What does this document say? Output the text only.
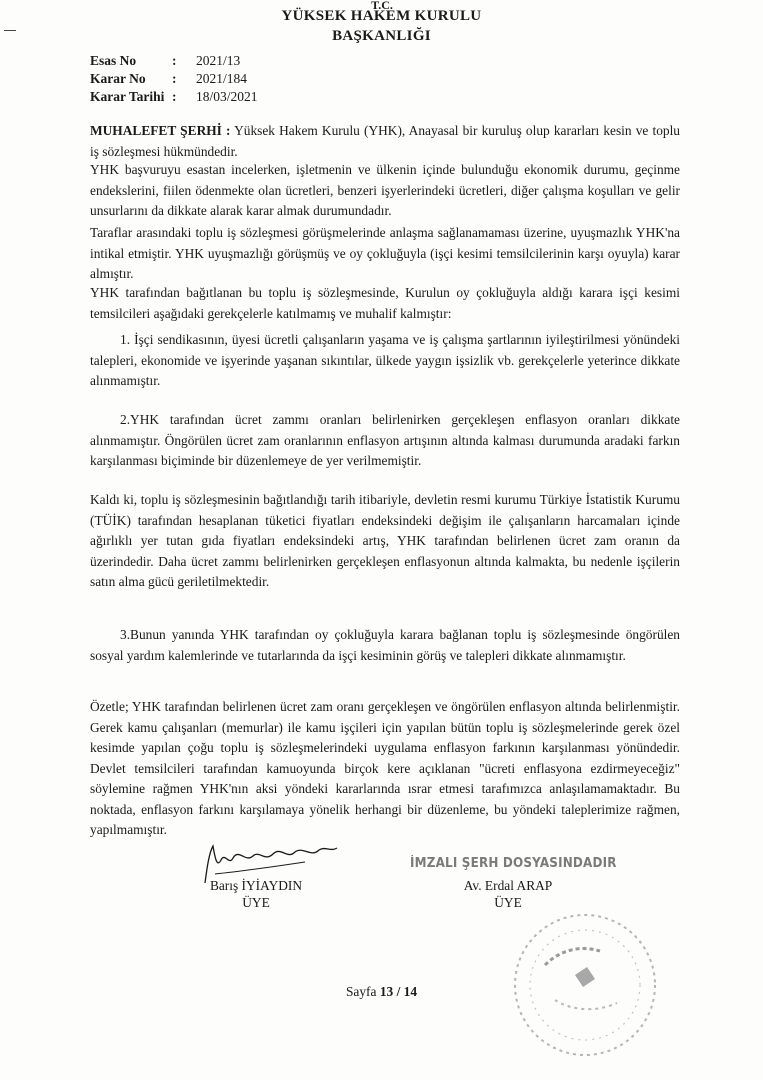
T.C.
YÜKSEK HAKEM KURULU
BAŞKANLIĞI
Esas No	:	2021/13
Karar No	:	2021/184
Karar Tarihi :	18/03/2021
MUHALEFET ŞERHİ : Yüksek Hakem Kurulu (YHK), Anayasal bir kuruluş olup kararları kesin ve toplu iş sözleşmesi hükmündedir.
YHK başvuruyu esastan incelerken, işletmenin ve ülkenin içinde bulunduğu ekonomik durumu, geçinme endekslerini, fiilen ödenmekte olan ücretleri, benzeri işyerlerindeki ücretleri, diğer çalışma koşulları ve gelir unsurlarını da dikkate alarak karar almak durumundadır.
Taraflar arasındaki toplu iş sözleşmesi görüşmelerinde anlaşma sağlanamaması üzerine, uyuşmazlık YHK'na intikal etmiştir. YHK uyuşmazlığı görüşmüş ve oy çokluğuyla (işçi kesimi temsilcilerinin karşı oyuyla) karar almıştır.
YHK tarafından bağıtlanan bu toplu iş sözleşmesinde, Kurulun oy çokluğuyla aldığı karara işçi kesimi temsilcileri aşağıdaki gerekçelerle katılmamış ve muhalif kalmıştır:
1. İşçi sendikasının, üyesi ücretli çalışanların yaşama ve iş çalışma şartlarının iyileştirilmesi yönündeki talepleri, ekonomide ve işyerinde yaşanan sıkıntılar, ülkede yaygın işsizlik vb. gerekçelerle yeterince dikkate alınmamıştır.
2.YHK tarafından ücret zammı oranları belirlenirken gerçekleşen enflasyon oranları dikkate alınmamıştır. Öngörülen ücret zam oranlarının enflasyon artışının altında kalması durumunda aradaki farkın karşılanması biçiminde bir düzenlemeye de yer verilmemiştir.
Kaldı ki, toplu iş sözleşmesinin bağıtlandığı tarih itibariyle, devletin resmi kurumu Türkiye İstatistik Kurumu (TÜİK) tarafından hesaplanan tüketici fiyatları endeksindeki değişim ile çalışanların harcamaları içinde ağırlıklı yer tutan gıda fiyatları endeksindeki artış, YHK tarafından belirlenen ücret zam oranın da üzerindedir. Daha ücret zammı belirlenirken gerçekleşen enflasyonun altında kalmakta, bu nedenle işçilerin satın alma gücü geriletilmektedir.
3.Bunun yanında YHK tarafından oy çokluğuyla karara bağlanan toplu iş sözleşmesinde öngörülen sosyal yardım kalemlerinde ve tutarlarında da işçi kesiminin görüş ve talepleri dikkate alınmamıştır.
Özetle; YHK tarafından belirlenen ücret zam oranı gerçekleşen ve öngörülen enflasyon altında belirlenmiştir. Gerek kamu çalışanları (memurlar) ile kamu işçileri için yapılan bütün toplu iş sözleşmelerinde gerek özel kesimde yapılan çoğu toplu iş sözleşmelerindeki uygulama enflasyon farkının karşılanması yönündedir. Devlet temsilcileri tarafından kamuoyunda birçok kere açıklanan "ücreti enflasyona ezdirmeyeceğiz" söylemine rağmen YHK'nın aksi yöndeki kararlarında ısrar etmesi tarafımızca anlaşılamamaktadır. Bu noktada, enflasyon farkını karşılamaya yönelik herhangi bir düzenleme, bu yöndeki taleplerimize rağmen, yapılmamıştır.
Barış İYİAYDIN
ÜYE
İMZALI ŞERH DOSYASINDADIR
Av. Erdal ARAP
ÜYE
Sayfa 13 / 14
